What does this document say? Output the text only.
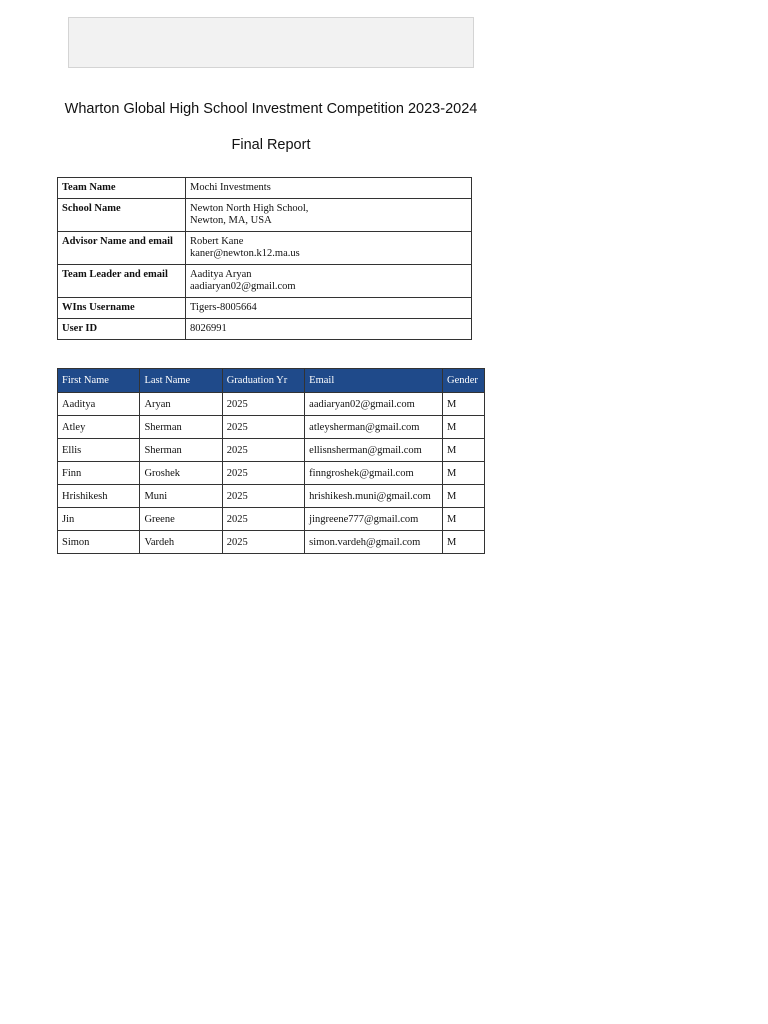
Wharton Global High School Investment Competition 2023-2024
Final Report
Team Name	Mochi Investments

School Name	Newton North High School,
Newton, MA, USA

Advisor Name and email	Robert Kane
kaner@newton.k12.ma.us

Team Leader and email	Aaditya Aryan
aadiaryan02@gmail.com

WIns Username	Tigers-8005664

User ID	8026991
First Name	Last Name	Graduation Yr	Email	Gender
Aaditya	Aryan	2025	aadiaryan02@gmail.com	M
Atley	Sherman	2025	atleysherman@gmail.com	M
Ellis	Sherman	2025	ellisnsherman@gmail.com	M
Finn	Groshek	2025	finngroshek@gmail.com	M
Hrishikesh	Muni	2025	hrishikesh.muni@gmail.com	M
Jin	Greene	2025	jingreene777@gmail.com	M
Simon	Vardeh	2025	simon.vardeh@gmail.com	M
